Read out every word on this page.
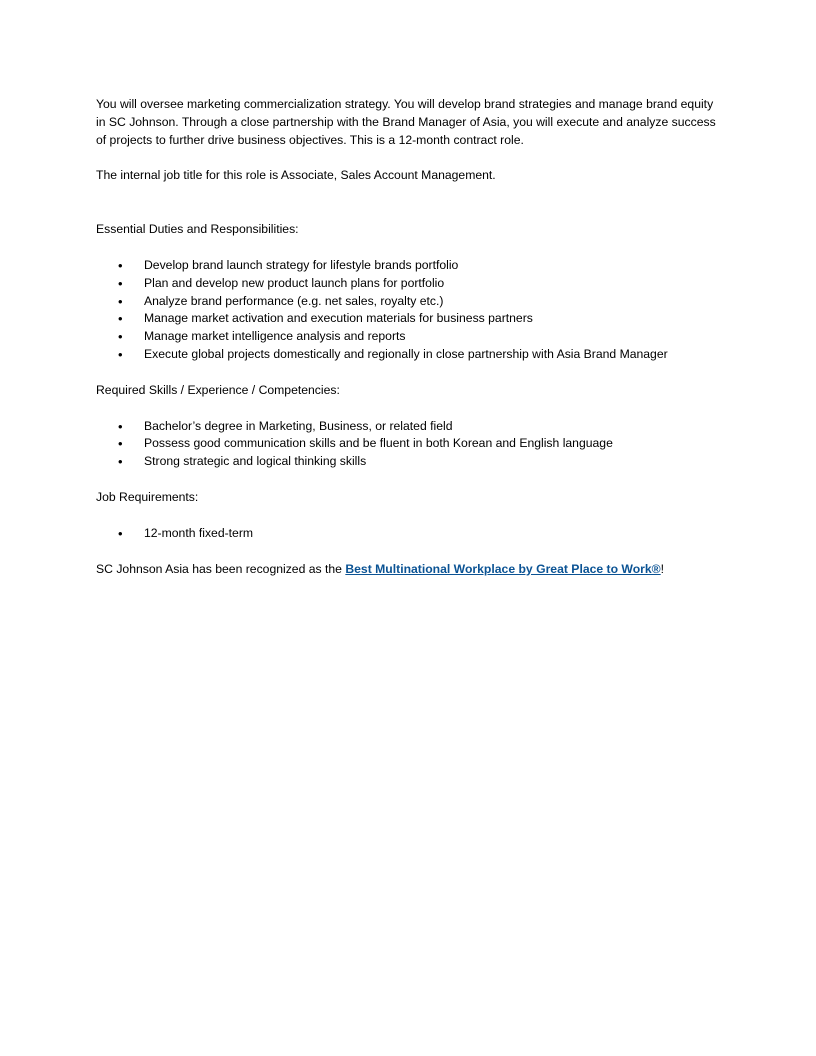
You will oversee marketing commercialization strategy. You will develop brand strategies and manage brand equity in SC Johnson. Through a close partnership with the Brand Manager of Asia, you will execute and analyze success of projects to further drive business objectives. This is a 12-month contract role.

The internal job title for this role is Associate, Sales Account Management.

Essential Duties and Responsibilities:

• Develop brand launch strategy for lifestyle brands portfolio
• Plan and develop new product launch plans for portfolio
• Analyze brand performance (e.g. net sales, royalty etc.)
• Manage market activation and execution materials for business partners
• Manage market intelligence analysis and reports
• Execute global projects domestically and regionally in close partnership with Asia Brand Manager

Required Skills / Experience / Competencies:

• Bachelor’s degree in Marketing, Business, or related field
• Possess good communication skills and be fluent in both Korean and English language
• Strong strategic and logical thinking skills

Job Requirements:

• 12-month fixed-term

SC Johnson Asia has been recognized as the Best Multinational Workplace by Great Place to Work®!
